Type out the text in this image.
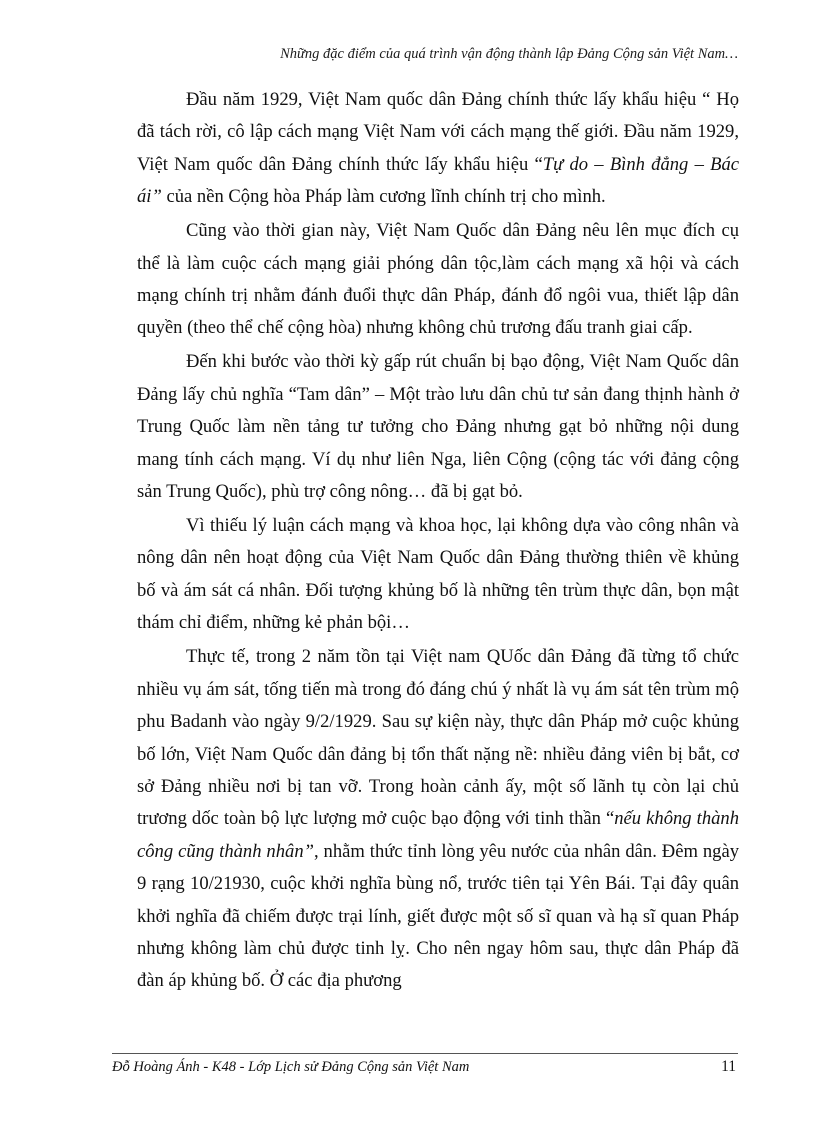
Những đặc điểm của quá trình vận động thành lập Đảng Cộng sản Việt Nam…

Đầu năm 1929, Việt Nam quốc dân Đảng chính thức lấy khẩu hiệu “ Họ đã tách rời, cô lập cách mạng Việt Nam với cách mạng thế giới. Đầu năm 1929, Việt Nam quốc dân Đảng chính thức lấy khẩu hiệu “Tự do – Bình đẳng – Bác ái” của nền Cộng hòa Pháp làm cương lĩnh chính trị cho mình.

Cũng vào thời gian này, Việt Nam Quốc dân Đảng nêu lên mục đích cụ thể là làm cuộc cách mạng giải phóng dân tộc,làm cách mạng xã hội và cách mạng chính trị nhằm đánh đuổi thực dân Pháp, đánh đổ ngôi vua, thiết lập dân quyền (theo thể chế cộng hòa) nhưng không chủ trương đấu tranh giai cấp.

Đến khi bước vào thời kỳ gấp rút chuẩn bị bạo động, Việt Nam Quốc dân Đảng lấy chủ nghĩa “Tam dân” – Một trào lưu dân chủ tư sản đang thịnh hành ở Trung Quốc làm nền tảng tư tưởng cho Đảng nhưng gạt bỏ những nội dung mang tính cách mạng. Ví dụ như liên Nga, liên Cộng (cộng tác với đảng cộng sản Trung Quốc), phù trợ công nông… đã bị gạt bỏ.

Vì thiếu lý luận cách mạng và khoa học, lại không dựa vào công nhân và nông dân nên hoạt động của Việt Nam Quốc dân Đảng thường thiên về khủng bố và ám sát cá nhân. Đối tượng khủng bố là những tên trùm thực dân, bọn mật thám chỉ điểm, những kẻ phản bội…

Thực tế, trong 2 năm tồn tại Việt nam QUốc dân Đảng đã từng tổ chức nhiều vụ ám sát, tống tiến mà trong đó đáng chú ý nhất là vụ ám sát tên trùm mộ phu Badanh vào ngày 9/2/1929. Sau sự kiện này, thực dân Pháp mở cuộc khủng bố lớn, Việt Nam Quốc dân đảng bị tổn thất nặng nề: nhiều đảng viên bị bắt, cơ sở Đảng nhiều nơi bị tan vỡ. Trong hoàn cảnh ấy, một số lãnh tụ còn lại chủ trương dốc toàn bộ lực lượng mở cuộc bạo động với tinh thần “nếu không thành công cũng thành nhân”, nhằm thức tỉnh lòng yêu nước của nhân dân. Đêm ngày 9 rạng 10/21930, cuộc khởi nghĩa bùng nổ, trước tiên tại Yên Bái. Tại đây quân khởi nghĩa đã chiếm được trại lính, giết được một số sĩ quan và hạ sĩ quan Pháp nhưng không làm chủ được tinh lỵ. Cho nên ngay hôm sau, thực dân Pháp đã đàn áp khủng bố. Ở các địa phương

Đỗ Hoàng Ánh - K48 - Lớp Lịch sử Đảng Cộng sản Việt Nam	11
